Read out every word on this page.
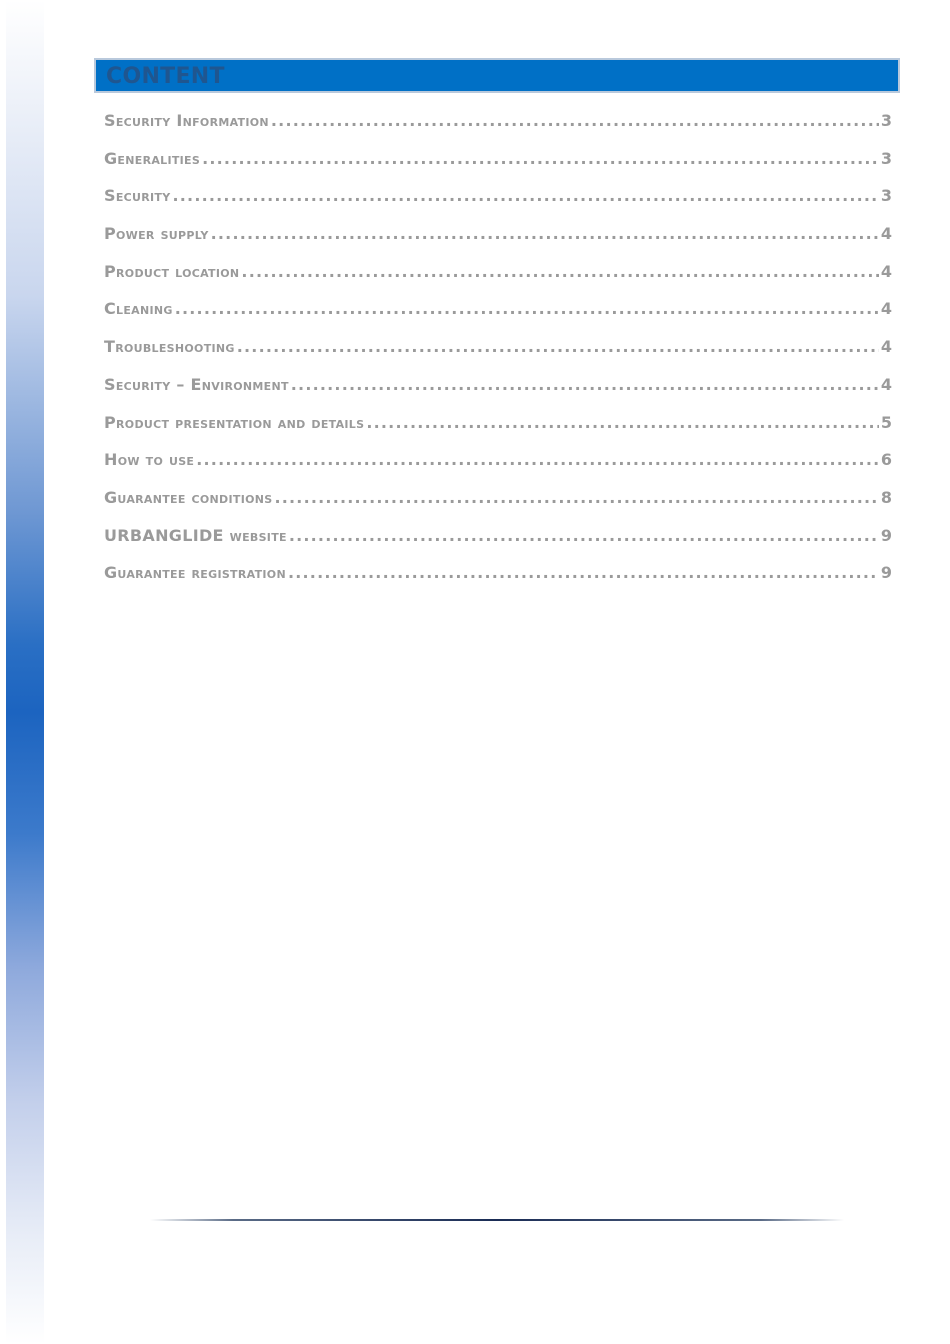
CONTENT
Security Information .....	3
Generalities .....	3
Security .....	3
Power supply .....	4
Product location .....	4
Cleaning .....	4
Troubleshooting .....	4
Security – Environment .....	4
Product presentation and details .....	5
How to use .....	6
Guarantee conditions .....	8
URBANGLIDE website .....	9
Guarantee registration .....	9
